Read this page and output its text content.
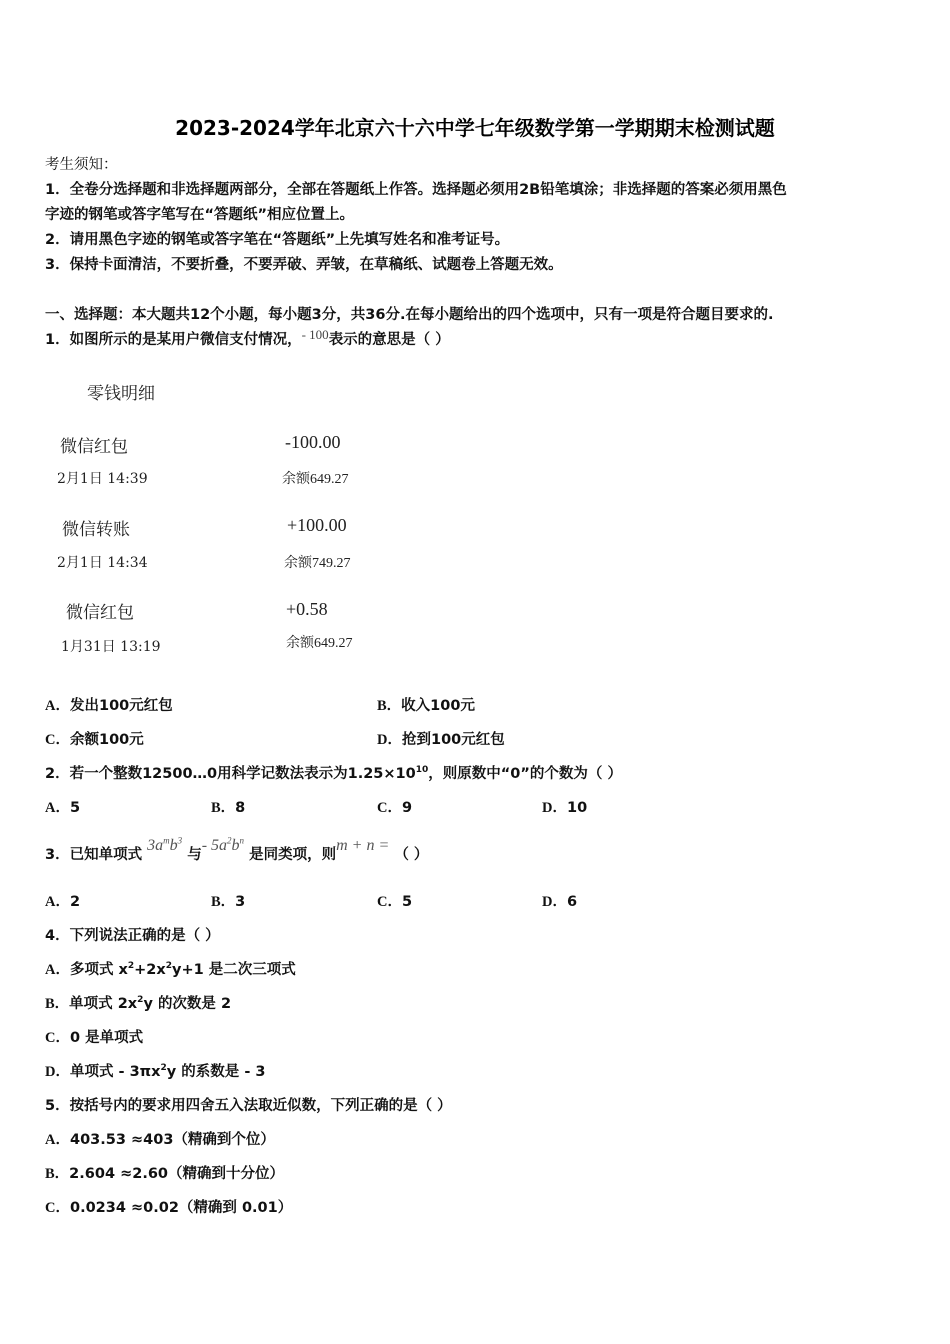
2023-2024学年北京六十六中学七年级数学第一学期期末检测试题
考生须知：
1．全卷分选择题和非选择题两部分，全部在答题纸上作答。选择题必须用2B铅笔填涂；非选择题的答案必须用黑色
字迹的钢笔或答字笔写在“答题纸”相应位置上。
2．请用黑色字迹的钢笔或答字笔在“答题纸”上先填写姓名和准考证号。
3．保持卡面清洁，不要折叠，不要弄破、弄皱，在草稿纸、试题卷上答题无效。
一、选择题：本大题共12个小题，每小题3分，共36分.在每小题给出的四个选项中，只有一项是符合题目要求的.
1．如图所示的是某用户微信支付情况，- 100表示的意思是（ ）
零钱明细
微信红包	-100.00
2月1日 14:39	余额649.27
微信转账	+100.00
2月1日 14:34	余额749.27
微信红包	+0.58
1月31日 13:19	余额649.27
A．发出100元红包	B．收入100元
C．余额100元	D．抢到100元红包
2．若一个整数12500…0用科学记数法表示为$1.25\times 10^{10}$，则原数中“0”的个数为（ ）
A．5	B．8	C．9	D．10
3．已知单项式 $3a^mb^3$ 与- $5a^2b^n$ 是同类项，则m + n = （ ）
A．2	B．3	C．5	D．6
4．下列说法正确的是（ ）
A．多项式 $x^2+2x^2y+1$ 是二次三项式
B．单项式 $2x^2y$ 的次数是 2
C．0 是单项式
D．单项式 - $3\pi x^2y$ 的系数是 - 3
5．按括号内的要求用四舍五入法取近似数，下列正确的是（ ）
A．403.53 ≈403（精确到个位）
B．2.604 ≈2.60（精确到十分位）
C．0.0234 ≈0.02（精确到 0.01）
